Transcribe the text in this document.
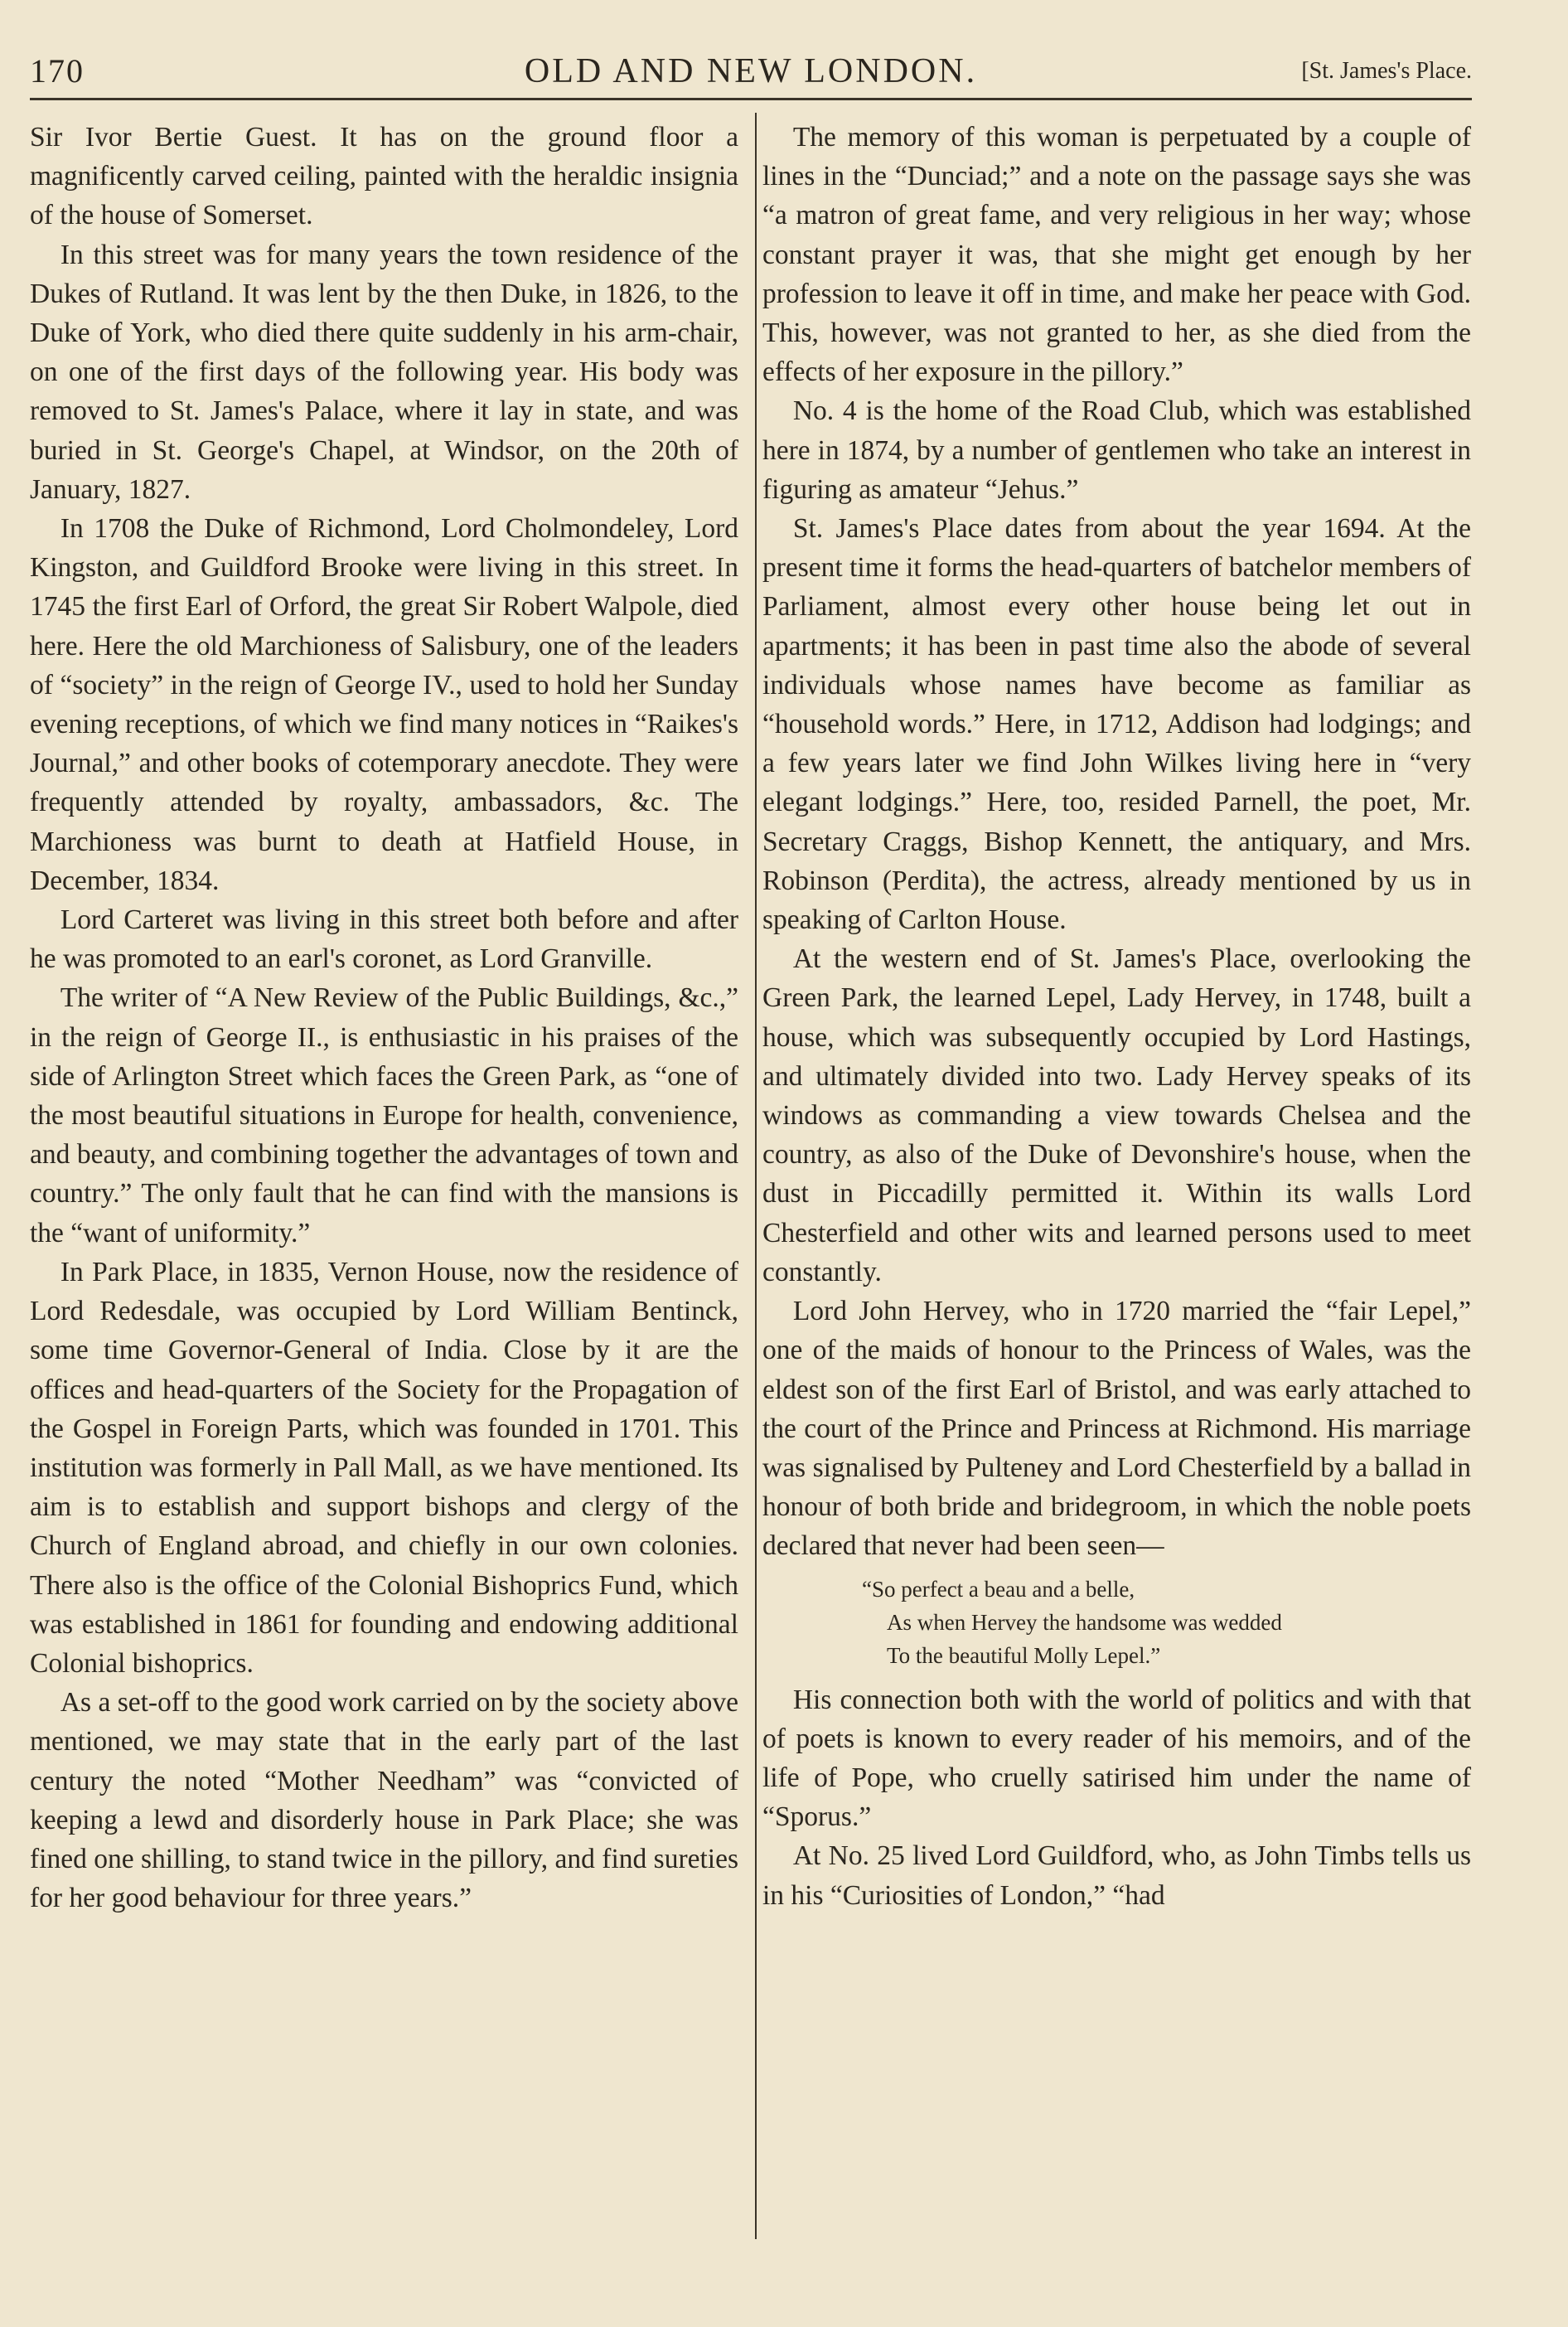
170	OLD AND NEW LONDON.	[St. James's Place.

Sir Ivor Bertie Guest. It has on the ground floor a magnificently carved ceiling, painted with the heraldic insignia of the house of Somerset.

In this street was for many years the town residence of the Dukes of Rutland. It was lent by the then Duke, in 1826, to the Duke of York, who died there quite suddenly in his arm-chair, on one of the first days of the following year. His body was removed to St. James's Palace, where it lay in state, and was buried in St. George's Chapel, at Windsor, on the 20th of January, 1827.

In 1708 the Duke of Richmond, Lord Cholmondeley, Lord Kingston, and Guildford Brooke were living in this street. In 1745 the first Earl of Orford, the great Sir Robert Walpole, died here. Here the old Marchioness of Salisbury, one of the leaders of “society” in the reign of George IV., used to hold her Sunday evening receptions, of which we find many notices in “Raikes's Journal,” and other books of cotemporary anecdote. They were frequently attended by royalty, ambassadors, &c. The Marchioness was burnt to death at Hatfield House, in December, 1834.

Lord Carteret was living in this street both before and after he was promoted to an earl's coronet, as Lord Granville.

The writer of “A New Review of the Public Buildings, &c.,” in the reign of George II., is enthusiastic in his praises of the side of Arlington Street which faces the Green Park, as “one of the most beautiful situations in Europe for health, convenience, and beauty, and combining together the advantages of town and country.” The only fault that he can find with the mansions is the “want of uniformity.”

In Park Place, in 1835, Vernon House, now the residence of Lord Redesdale, was occupied by Lord William Bentinck, some time Governor-General of India. Close by it are the offices and head-quarters of the Society for the Propagation of the Gospel in Foreign Parts, which was founded in 1701. This institution was formerly in Pall Mall, as we have mentioned. Its aim is to establish and support bishops and clergy of the Church of England abroad, and chiefly in our own colonies. There also is the office of the Colonial Bishoprics Fund, which was established in 1861 for founding and endowing additional Colonial bishoprics.

As a set-off to the good work carried on by the society above mentioned, we may state that in the early part of the last century the noted “Mother Needham” was “convicted of keeping a lewd and disorderly house in Park Place; she was fined one shilling, to stand twice in the pillory, and find sureties for her good behaviour for three years.”

The memory of this woman is perpetuated by a couple of lines in the “Dunciad;” and a note on the passage says she was “a matron of great fame, and very religious in her way; whose constant prayer it was, that she might get enough by her profession to leave it off in time, and make her peace with God. This, however, was not granted to her, as she died from the effects of her exposure in the pillory.”

No. 4 is the home of the Road Club, which was established here in 1874, by a number of gentlemen who take an interest in figuring as amateur “Jehus.”

St. James's Place dates from about the year 1694. At the present time it forms the head-quarters of batchelor members of Parliament, almost every other house being let out in apartments; it has been in past time also the abode of several individuals whose names have become as familiar as “household words.” Here, in 1712, Addison had lodgings; and a few years later we find John Wilkes living here in “very elegant lodgings.” Here, too, resided Parnell, the poet, Mr. Secretary Craggs, Bishop Kennett, the antiquary, and Mrs. Robinson (Perdita), the actress, already mentioned by us in speaking of Carlton House.

At the western end of St. James's Place, overlooking the Green Park, the learned Lepel, Lady Hervey, in 1748, built a house, which was subsequently occupied by Lord Hastings, and ultimately divided into two. Lady Hervey speaks of its windows as commanding a view towards Chelsea and the country, as also of the Duke of Devonshire's house, when the dust in Piccadilly permitted it. Within its walls Lord Chesterfield and other wits and learned persons used to meet constantly.

Lord John Hervey, who in 1720 married the “fair Lepel,” one of the maids of honour to the Princess of Wales, was the eldest son of the first Earl of Bristol, and was early attached to the court of the Prince and Princess at Richmond. His marriage was signalised by Pulteney and Lord Chesterfield by a ballad in honour of both bride and bridegroom, in which the noble poets declared that never had been seen—

“So perfect a beau and a belle,
As when Hervey the handsome was wedded
To the beautiful Molly Lepel.”

His connection both with the world of politics and with that of poets is known to every reader of his memoirs, and of the life of Pope, who cruelly satirised him under the name of “Sporus.”

At No. 25 lived Lord Guildford, who, as John Timbs tells us in his “Curiosities of London,” “had
